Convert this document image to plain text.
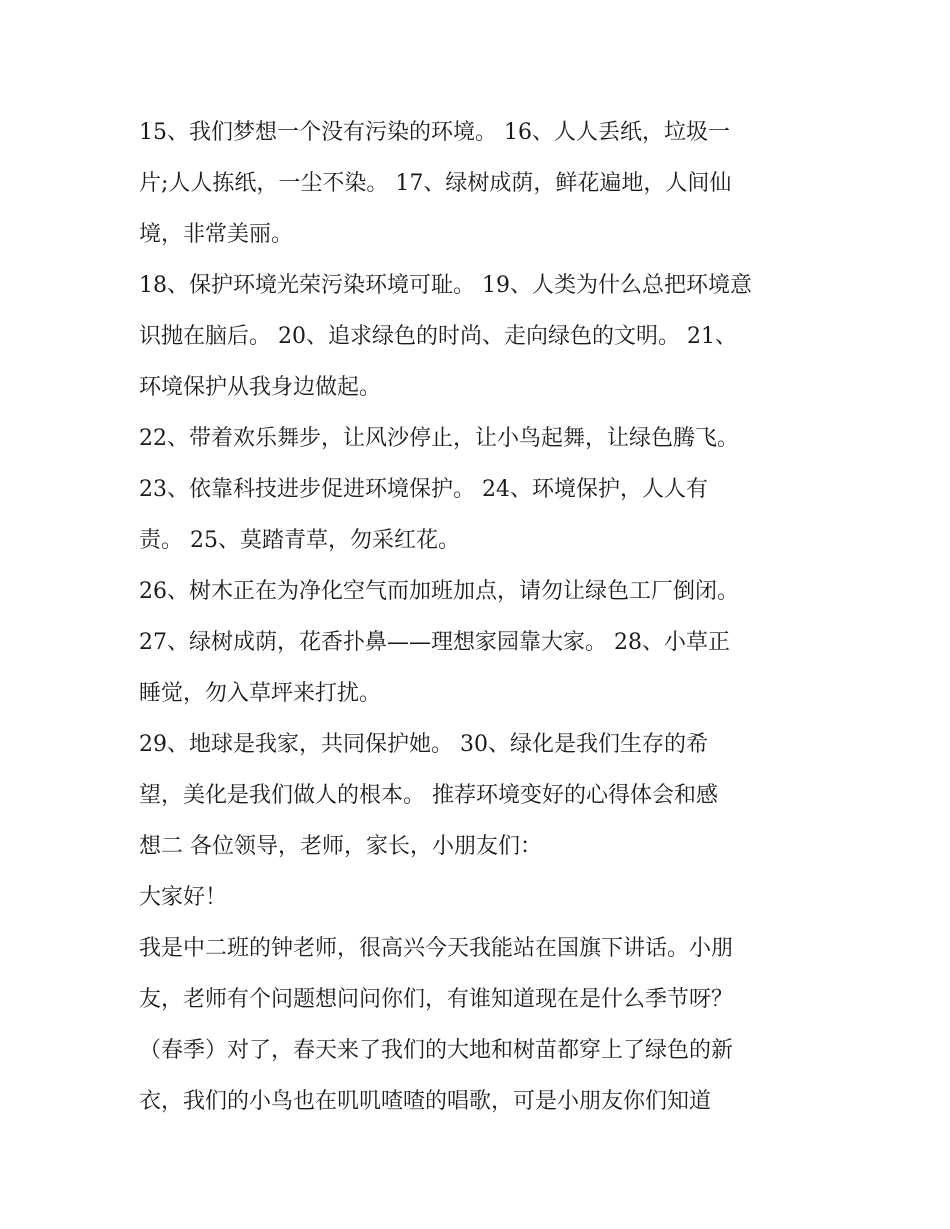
15、我们梦想一个没有污染的环境。 16、人人丢纸，垃圾一
片;人人拣纸，一尘不染。 17、绿树成荫，鲜花遍地，人间仙
境，非常美丽。
18、保护环境光荣污染环境可耻。 19、人类为什么总把环境意
识抛在脑后。 20、追求绿色的时尚、走向绿色的文明。 21、
环境保护从我身边做起。
22、带着欢乐舞步，让风沙停止，让小鸟起舞，让绿色腾飞。
23、依靠科技进步促进环境保护。 24、环境保护，人人有
责。 25、莫踏青草，勿采红花。
26、树木正在为净化空气而加班加点，请勿让绿色工厂倒闭。
27、绿树成荫，花香扑鼻——理想家园靠大家。 28、小草正
睡觉，勿入草坪来打扰。
29、地球是我家，共同保护她。 30、绿化是我们生存的希
望，美化是我们做人的根本。 推荐环境变好的心得体会和感
想二 各位领导，老师，家长，小朋友们：
大家好！
我是中二班的钟老师，很高兴今天我能站在国旗下讲话。小朋
友，老师有个问题想问问你们，有谁知道现在是什么季节呀？
（春季）对了，春天来了我们的大地和树苗都穿上了绿色的新
衣，我们的小鸟也在叽叽喳喳的唱歌，可是小朋友你们知道
